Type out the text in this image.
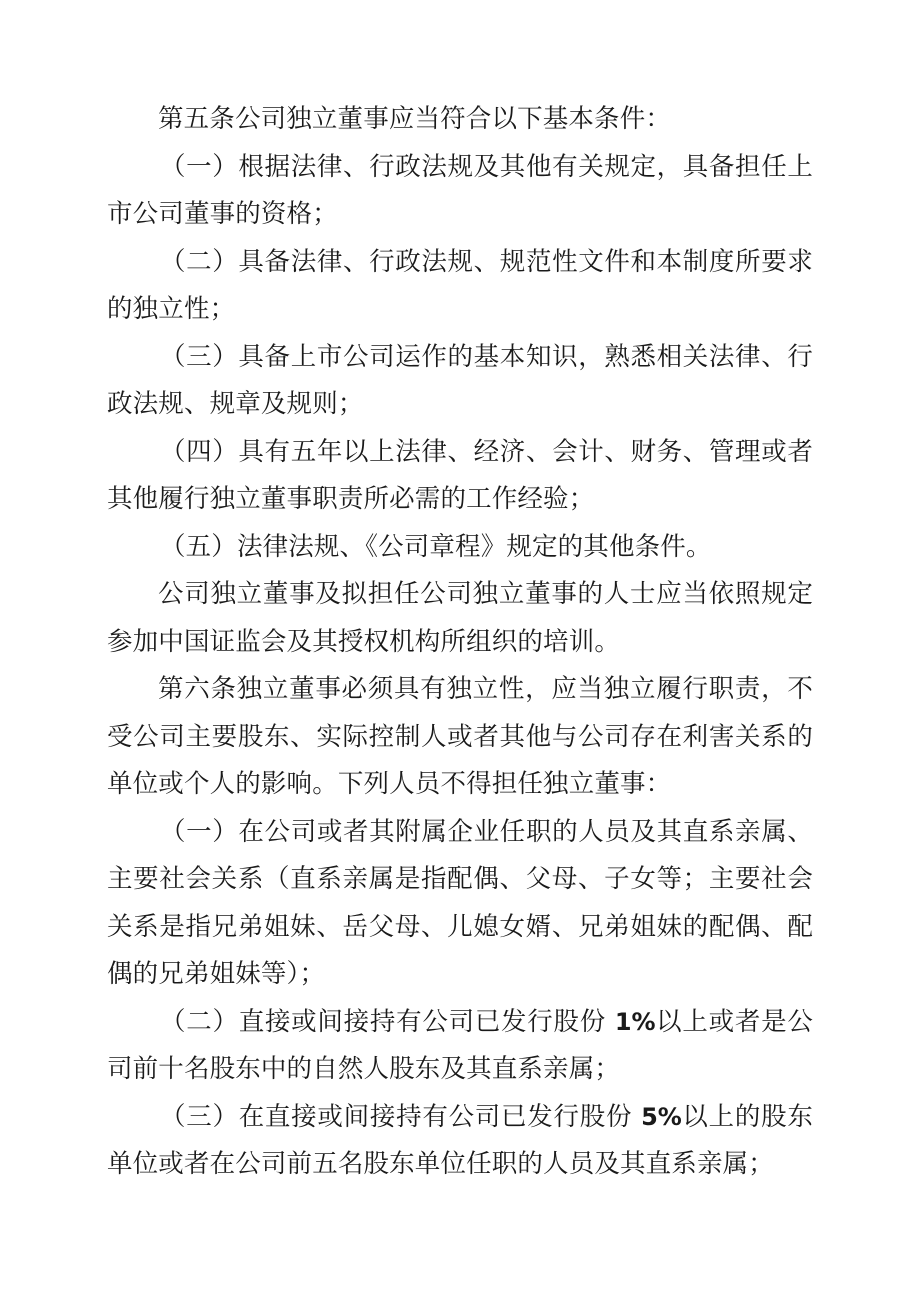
第五条公司独立董事应当符合以下基本条件：

（一）根据法律、行政法规及其他有关规定，具备担任上市公司董事的资格；

（二）具备法律、行政法规、规范性文件和本制度所要求的独立性；

（三）具备上市公司运作的基本知识，熟悉相关法律、行政法规、规章及规则；

（四）具有五年以上法律、经济、会计、财务、管理或者其他履行独立董事职责所必需的工作经验；

（五）法律法规、《公司章程》规定的其他条件。

公司独立董事及拟担任公司独立董事的人士应当依照规定参加中国证监会及其授权机构所组织的培训。

第六条独立董事必须具有独立性，应当独立履行职责，不受公司主要股东、实际控制人或者其他与公司存在利害关系的单位或个人的影响。下列人员不得担任独立董事：

（一）在公司或者其附属企业任职的人员及其直系亲属、主要社会关系（直系亲属是指配偶、父母、子女等；主要社会关系是指兄弟姐妹、岳父母、儿媳女婿、兄弟姐妹的配偶、配偶的兄弟姐妹等）；

（二）直接或间接持有公司已发行股份 1%以上或者是公司前十名股东中的自然人股东及其直系亲属；

（三）在直接或间接持有公司已发行股份 5%以上的股东单位或者在公司前五名股东单位任职的人员及其直系亲属；
